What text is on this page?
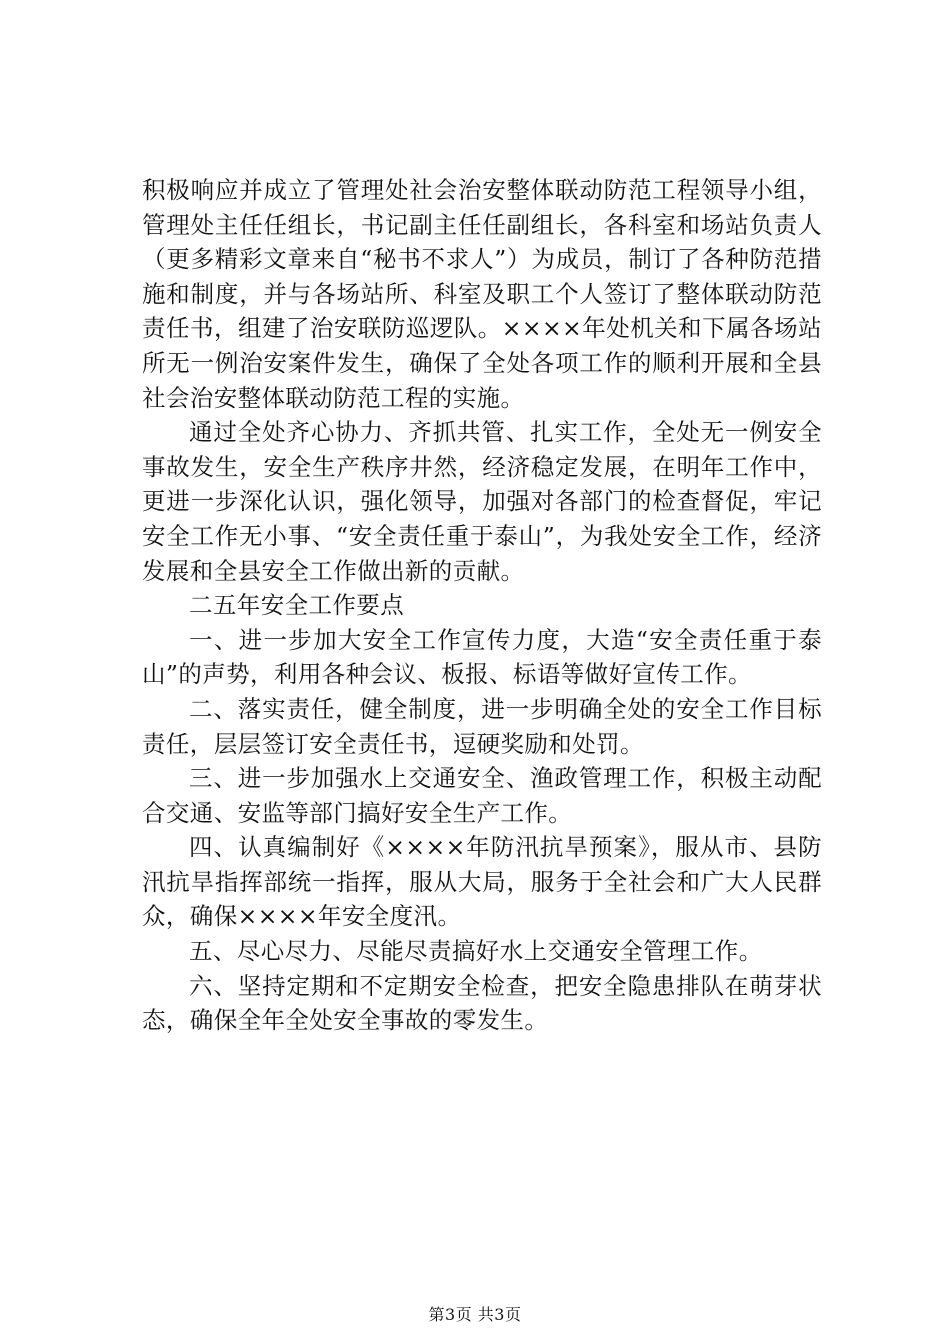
积极响应并成立了管理处社会治安整体联动防范工程领导小组，管理处主任任组长，书记副主任任副组长，各科室和场站负责人（更多精彩文章来自“秘书不求人”）为成员，制订了各种防范措施和制度，并与各场站所、科室及职工个人签订了整体联动防范责任书，组建了治安联防巡逻队。××××年处机关和下属各场站所无一例治安案件发生，确保了全处各项工作的顺利开展和全县社会治安整体联动防范工程的实施。

通过全处齐心协力、齐抓共管、扎实工作，全处无一例安全事故发生，安全生产秩序井然，经济稳定发展，在明年工作中，更进一步深化认识，强化领导，加强对各部门的检查督促，牢记安全工作无小事、“安全责任重于泰山”，为我处安全工作，经济发展和全县安全工作做出新的贡献。

二五年安全工作要点

一、进一步加大安全工作宣传力度，大造“安全责任重于泰山”的声势，利用各种会议、板报、标语等做好宣传工作。

二、落实责任，健全制度，进一步明确全处的安全工作目标责任，层层签订安全责任书，逗硬奖励和处罚。

三、进一步加强水上交通安全、渔政管理工作，积极主动配合交通、安监等部门搞好安全生产工作。

四、认真编制好《××××年防汛抗旱预案》，服从市、县防汛抗旱指挥部统一指挥，服从大局，服务于全社会和广大人民群众，确保××××年安全度汛。

五、尽心尽力、尽能尽责搞好水上交通安全管理工作。

六、坚持定期和不定期安全检查，把安全隐患排队在萌芽状态，确保全年全处安全事故的零发生。

第3页 共3页
